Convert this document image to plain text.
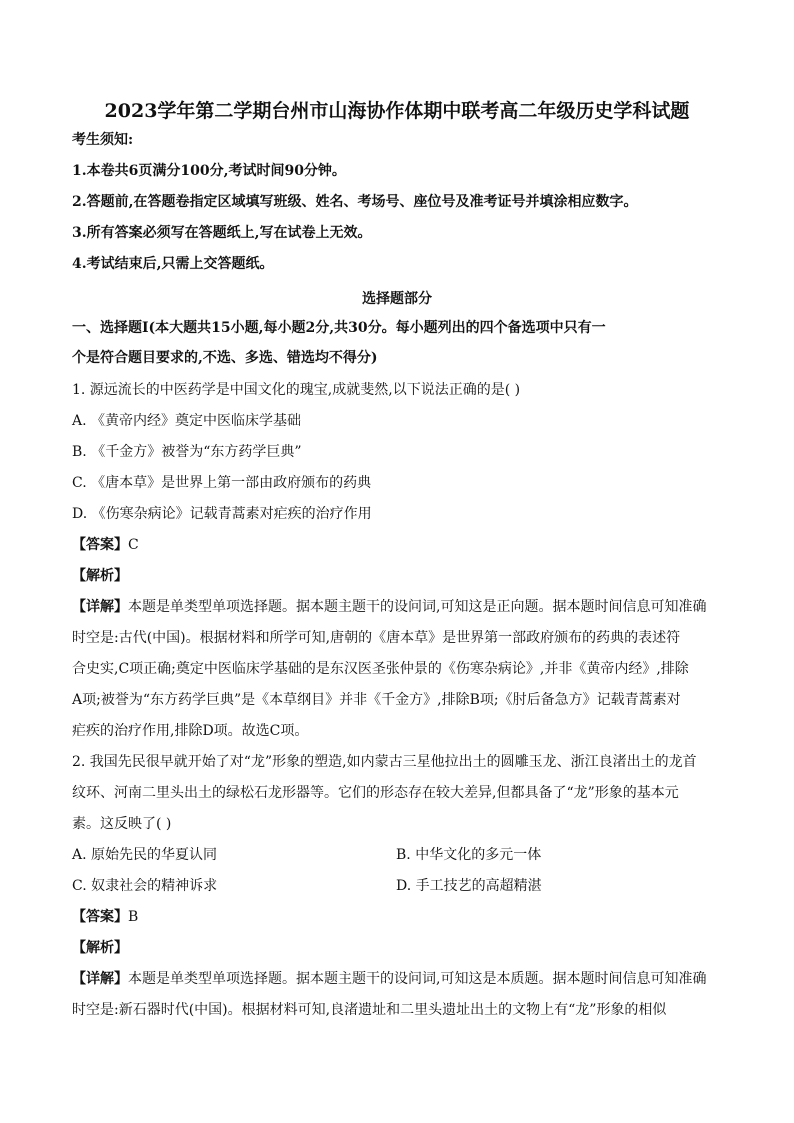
2023学年第二学期台州市山海协作体期中联考高二年级历史学科试题
考生须知:
1.本卷共6页满分100分,考试时间90分钟。
2.答题前,在答题卷指定区域填写班级、姓名、考场号、座位号及准考证号并填涂相应数字。
3.所有答案必须写在答题纸上,写在试卷上无效。
4.考试结束后,只需上交答题纸。
选择题部分
一、选择题Ⅰ(本大题共15小题,每小题2分,共30分。每小题列出的四个备选项中只有一
个是符合题目要求的,不选、多选、错选均不得分)
1. 源远流长的中医药学是中国文化的瑰宝,成就斐然,以下说法正确的是( )
A. 《黄帝内经》奠定中医临床学基础
B. 《千金方》被誉为“东方药学巨典”
C. 《唐本草》是世界上第一部由政府颁布的药典
D. 《伤寒杂病论》记载青蒿素对疟疾的治疗作用
【答案】C
【解析】
【详解】本题是单类型单项选择题。据本题主题干的设问词,可知这是正向题。据本题时间信息可知准确
时空是:古代(中国)。根据材料和所学可知,唐朝的《唐本草》是世界第一部政府颁布的药典的表述符
合史实,C项正确;奠定中医临床学基础的是东汉医圣张仲景的《伤寒杂病论》,并非《黄帝内经》,排除
A项;被誉为“东方药学巨典”是《本草纲目》并非《千金方》,排除B项;《肘后备急方》记载青蒿素对
疟疾的治疗作用,排除D项。故选C项。
2. 我国先民很早就开始了对“龙”形象的塑造,如内蒙古三星他拉出土的圆雕玉龙、浙江良渚出土的龙首
纹环、河南二里头出土的绿松石龙形器等。它们的形态存在较大差异,但都具备了“龙”形象的基本元
素。这反映了( )
A. 原始先民的华夏认同	B. 中华文化的多元一体
C. 奴隶社会的精神诉求	D. 手工技艺的高超精湛
【答案】B
【解析】
【详解】本题是单类型单项选择题。据本题主题干的设问词,可知这是本质题。据本题时间信息可知准确
时空是:新石器时代(中国)。根据材料可知,良渚遗址和二里头遗址出土的文物上有“龙”形象的相似
